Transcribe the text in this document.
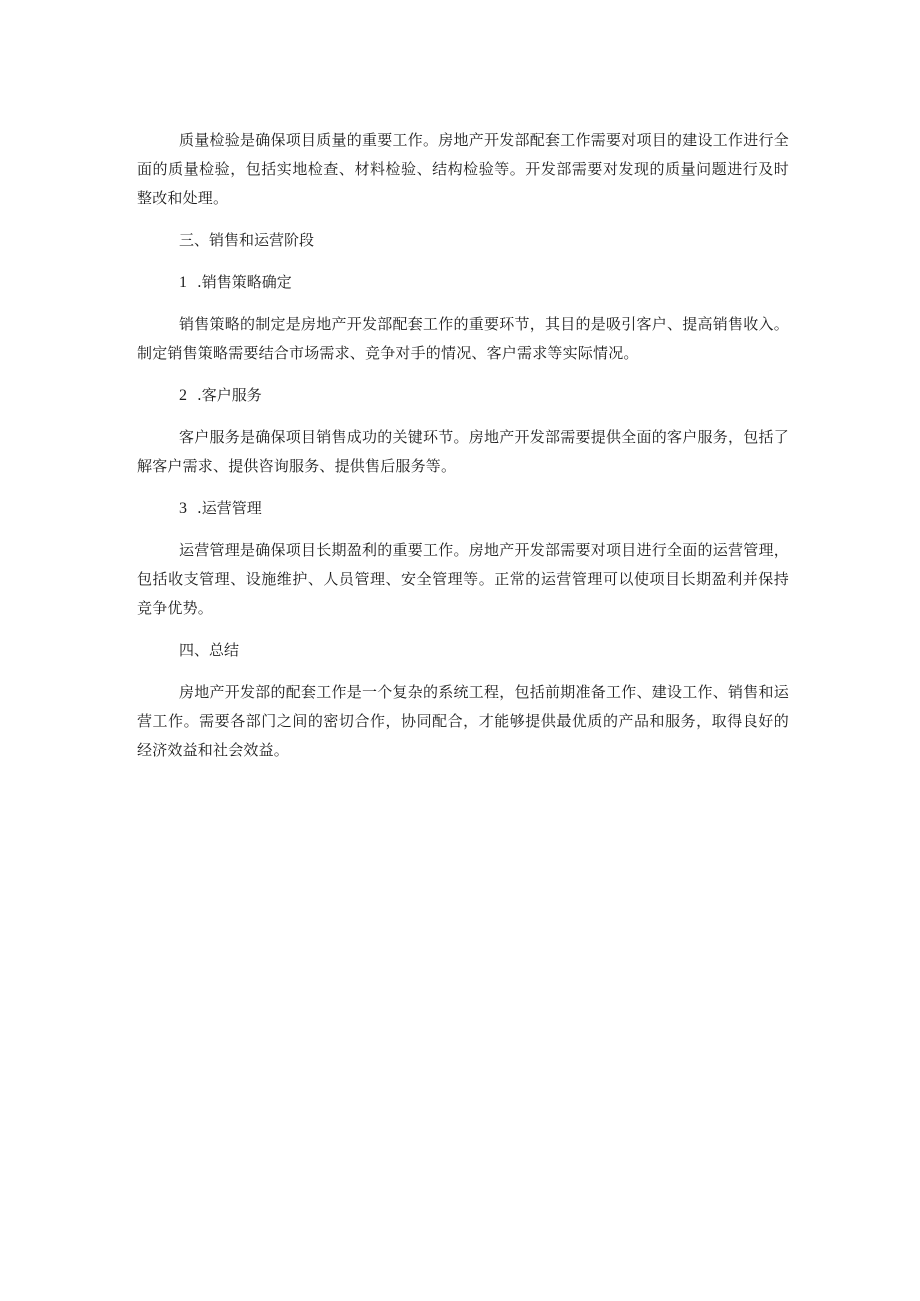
质量检验是确保项目质量的重要工作。房地产开发部配套工作需要对项目的建设工作进行全面的质量检验，包括实地检查、材料检验、结构检验等。开发部需要对发现的质量问题进行及时整改和处理。

三、销售和运营阶段
1 .销售策略确定

销售策略的制定是房地产开发部配套工作的重要环节，其目的是吸引客户、提高销售收入。制定销售策略需要结合市场需求、竞争对手的情况、客户需求等实际情况。

2 .客户服务

客户服务是确保项目销售成功的关键环节。房地产开发部需要提供全面的客户服务，包括了解客户需求、提供咨询服务、提供售后服务等。

3 .运营管理

运营管理是确保项目长期盈利的重要工作。房地产开发部需要对项目进行全面的运营管理，包括收支管理、设施维护、人员管理、安全管理等。正常的运营管理可以使项目长期盈利并保持竞争优势。

四、总结

房地产开发部的配套工作是一个复杂的系统工程，包括前期准备工作、建设工作、销售和运营工作。需要各部门之间的密切合作，协同配合，才能够提供最优质的产品和服务，取得良好的经济效益和社会效益。
